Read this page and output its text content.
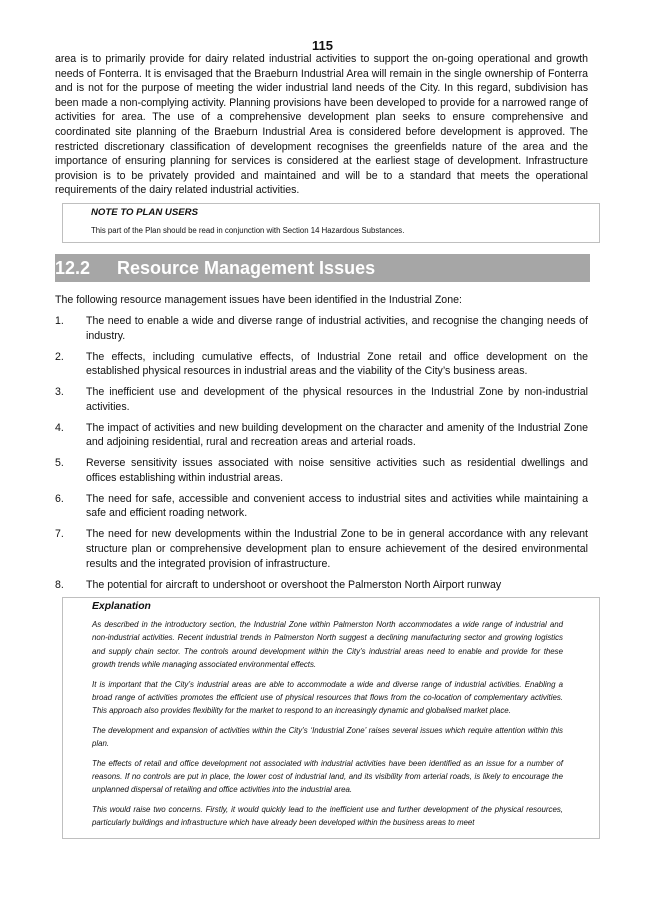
115
area is to primarily provide for dairy related industrial activities to support the on-going operational and growth needs of Fonterra. It is envisaged that the Braeburn Industrial Area will remain in the single ownership of Fonterra and is not for the purpose of meeting the wider industrial land needs of the City. In this regard, subdivision has been made a non-complying activity. Planning provisions have been developed to provide for a narrowed range of activities for area. The use of a comprehensive development plan seeks to ensure comprehensive and coordinated site planning of the Braeburn Industrial Area is considered before development is approved. The restricted discretionary classification of development recognises the greenfields nature of the area and the importance of ensuring planning for services is considered at the earliest stage of development. Infrastructure provision is to be privately provided and maintained and will be to a standard that meets the operational requirements of the dairy related industrial activities.
NOTE TO PLAN USERS
This part of the Plan should be read in conjunction with Section 14 Hazardous Substances.
12.2 Resource Management Issues
The following resource management issues have been identified in the Industrial Zone:
1. The need to enable a wide and diverse range of industrial activities, and recognise the changing needs of industry.
2. The effects, including cumulative effects, of Industrial Zone retail and office development on the established physical resources in industrial areas and the viability of the City’s business areas.
3. The inefficient use and development of the physical resources in the Industrial Zone by non-industrial activities.
4. The impact of activities and new building development on the character and amenity of the Industrial Zone and adjoining residential, rural and recreation areas and arterial roads.
5. Reverse sensitivity issues associated with noise sensitive activities such as residential dwellings and offices establishing within industrial areas.
6. The need for safe, accessible and convenient access to industrial sites and activities while maintaining a safe and efficient roading network.
7. The need for new developments within the Industrial Zone to be in general accordance with any relevant structure plan or comprehensive development plan to ensure achievement of the desired environmental results and the integrated provision of infrastructure.
8. The potential for aircraft to undershoot or overshoot the Palmerston North Airport runway
Explanation

As described in the introductory section, the Industrial Zone within Palmerston North accommodates a wide range of industrial and non-industrial activities. Recent industrial trends in Palmerston North suggest a declining manufacturing sector and growing logistics and supply chain sector. The controls around development within the City’s industrial areas need to enable and provide for these growth trends while managing associated environmental effects.

It is important that the City’s industrial areas are able to accommodate a wide and diverse range of industrial activities. Enabling a broad range of activities promotes the efficient use of physical resources that flows from the co-location of complementary activities. This approach also provides flexibility for the market to respond to an increasingly dynamic and globalised market place.

The development and expansion of activities within the City’s ‘Industrial Zone’ raises several issues which require attention within this plan.

The effects of retail and office development not associated with industrial activities have been identified as an issue for a number of reasons. If no controls are put in place, the lower cost of industrial land, and its visibility from arterial roads, is likely to encourage the unplanned dispersal of retailing and office activities into the industrial area.

This would raise two concerns. Firstly, it would quickly lead to the inefficient use and further development of the physical resources, particularly buildings and infrastructure which have already been developed within the business areas to meet
